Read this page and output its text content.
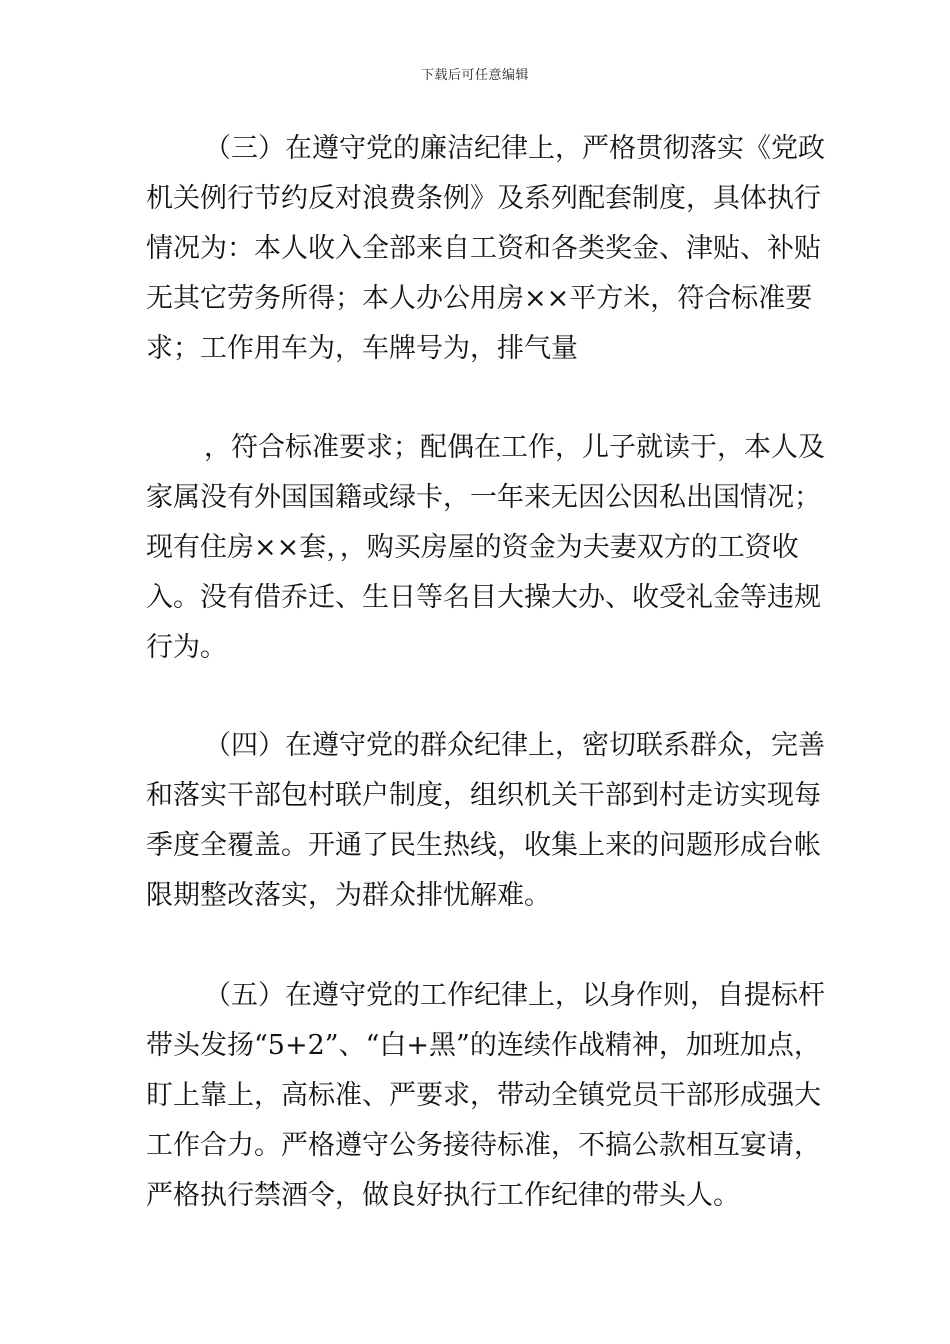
下载后可任意编辑
（三）在遵守党的廉洁纪律上，严格贯彻落实《党政
机关例行节约反对浪费条例》及系列配套制度，具体执行
情况为：本人收入全部来自工资和各类奖金、津贴、补贴
无其它劳务所得；本人办公用房××平方米，符合标准要
求；工作用车为，车牌号为，排气量
，符合标准要求；配偶在工作，儿子就读于，本人及
家属没有外国国籍或绿卡，一年来无因公因私出国情况；
现有住房××套，，购买房屋的资金为夫妻双方的工资收
入。没有借乔迁、生日等名目大操大办、收受礼金等违规
行为。
（四）在遵守党的群众纪律上，密切联系群众，完善
和落实干部包村联户制度，组织机关干部到村走访实现每
季度全覆盖。开通了民生热线，收集上来的问题形成台帐
限期整改落实，为群众排忧解难。
（五）在遵守党的工作纪律上，以身作则，自提标杆
带头发扬“5+2”、“白+黑”的连续作战精神，加班加点，
盯上靠上，高标准、严要求，带动全镇党员干部形成强大
工作合力。严格遵守公务接待标准，不搞公款相互宴请，
严格执行禁酒令，做良好执行工作纪律的带头人。
